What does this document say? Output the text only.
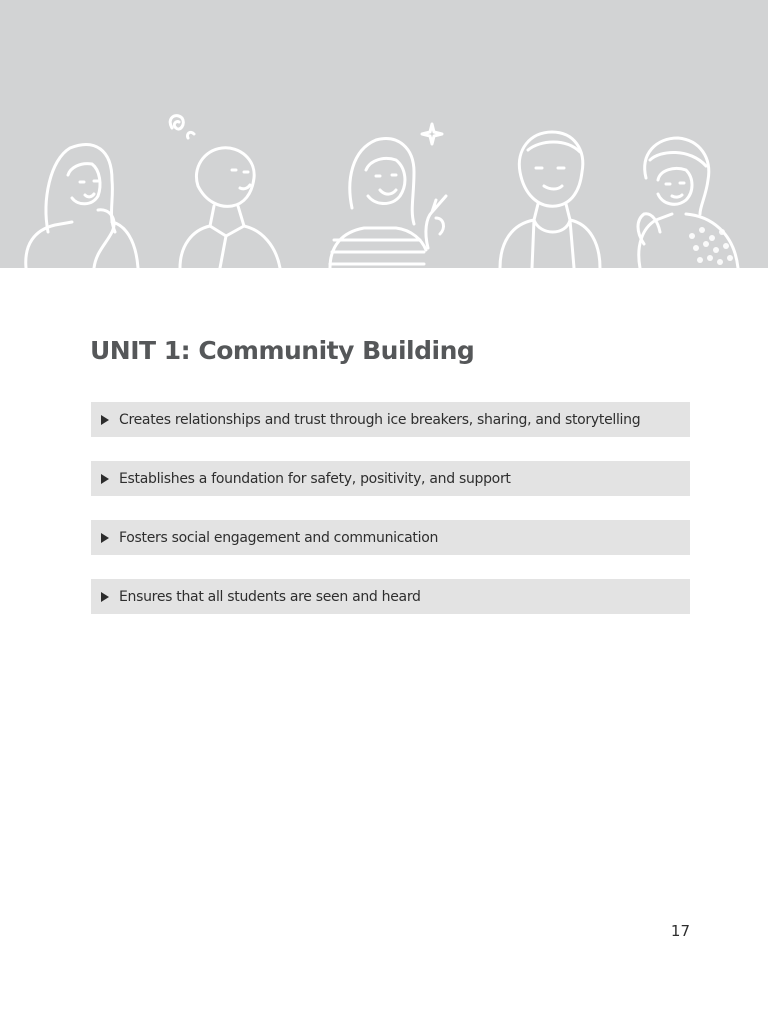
UNIT 1: Community Building
Creates relationships and trust through ice breakers, sharing, and storytelling
Establishes a foundation for safety, positivity, and support
Fosters social engagement and communication
Ensures that all students are seen and heard
17
